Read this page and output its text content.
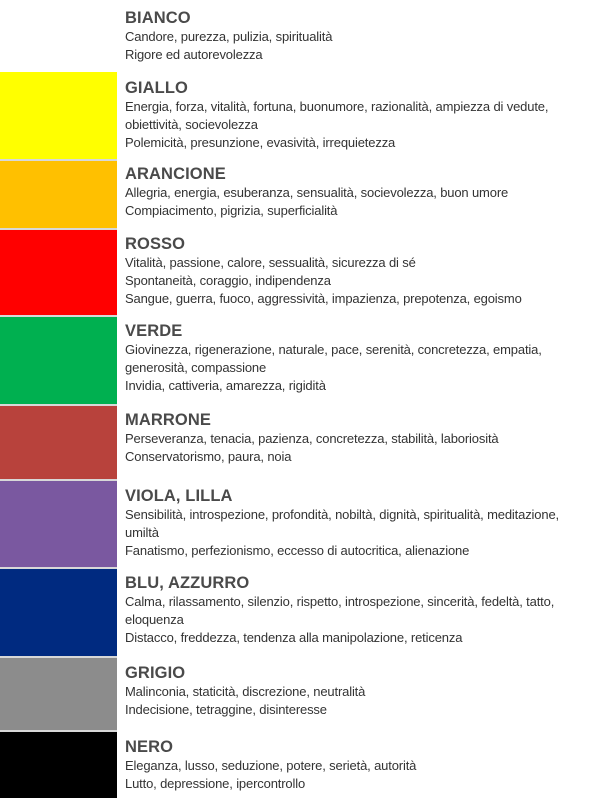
BIANCO
Candore, purezza, pulizia, spiritualità
Rigore ed autorevolezza
GIALLO
Energia, forza, vitalità, fortuna, buonumore, razionalità, ampiezza di vedute, obiettività, socievolezza
Polemicità, presunzione, evasività, irrequietezza
ARANCIONE
Allegria, energia, esuberanza, sensualità, socievolezza, buon umore
Compiacimento, pigrizia, superficialità
ROSSO
Vitalità, passione, calore, sessualità, sicurezza di sé
Spontaneità, coraggio, indipendenza
Sangue, guerra, fuoco, aggressività, impazienza, prepotenza, egoismo
VERDE
Giovinezza, rigenerazione, naturale, pace, serenità, concretezza, empatia, generosità, compassione
Invidia, cattiveria, amarezza, rigidità
MARRONE
Perseveranza, tenacia, pazienza, concretezza, stabilità, laboriosità
Conservatorismo, paura, noia
VIOLA, LILLA
Sensibilità, introspezione, profondità, nobiltà, dignità, spiritualità, meditazione, umiltà
Fanatismo, perfezionismo, eccesso di autocritica, alienazione
BLU, AZZURRO
Calma, rilassamento, silenzio, rispetto, introspezione, sincerità, fedeltà, tatto, eloquenza
Distacco, freddezza, tendenza alla manipolazione, reticenza
GRIGIO
Malinconia, staticità, discrezione, neutralità
Indecisione, tetraggine, disinteresse
NERO
Eleganza, lusso, seduzione, potere, serietà, autorità
Lutto, depressione, ipercontrollo
